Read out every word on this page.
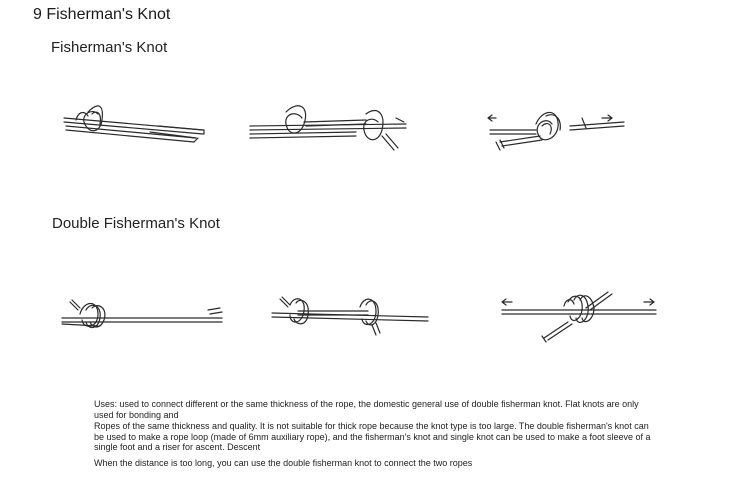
9 Fisherman's Knot
Fisherman's Knot
Double Fisherman's Knot
Uses: used to connect different or the same thickness of the rope, the domestic general use of double fisherman knot. Flat knots are only used for bonding and
Ropes of the same thickness and quality. It is not suitable for thick rope because the knot type is too large. The double fisherman's knot can be used to make a rope loop (made of 6mm auxiliary rope), and the fisherman's knot and single knot can be used to make a foot sleeve of a single foot and a riser for ascent. Descent
When the distance is too long, you can use the double fisherman knot to connect the two ropes
